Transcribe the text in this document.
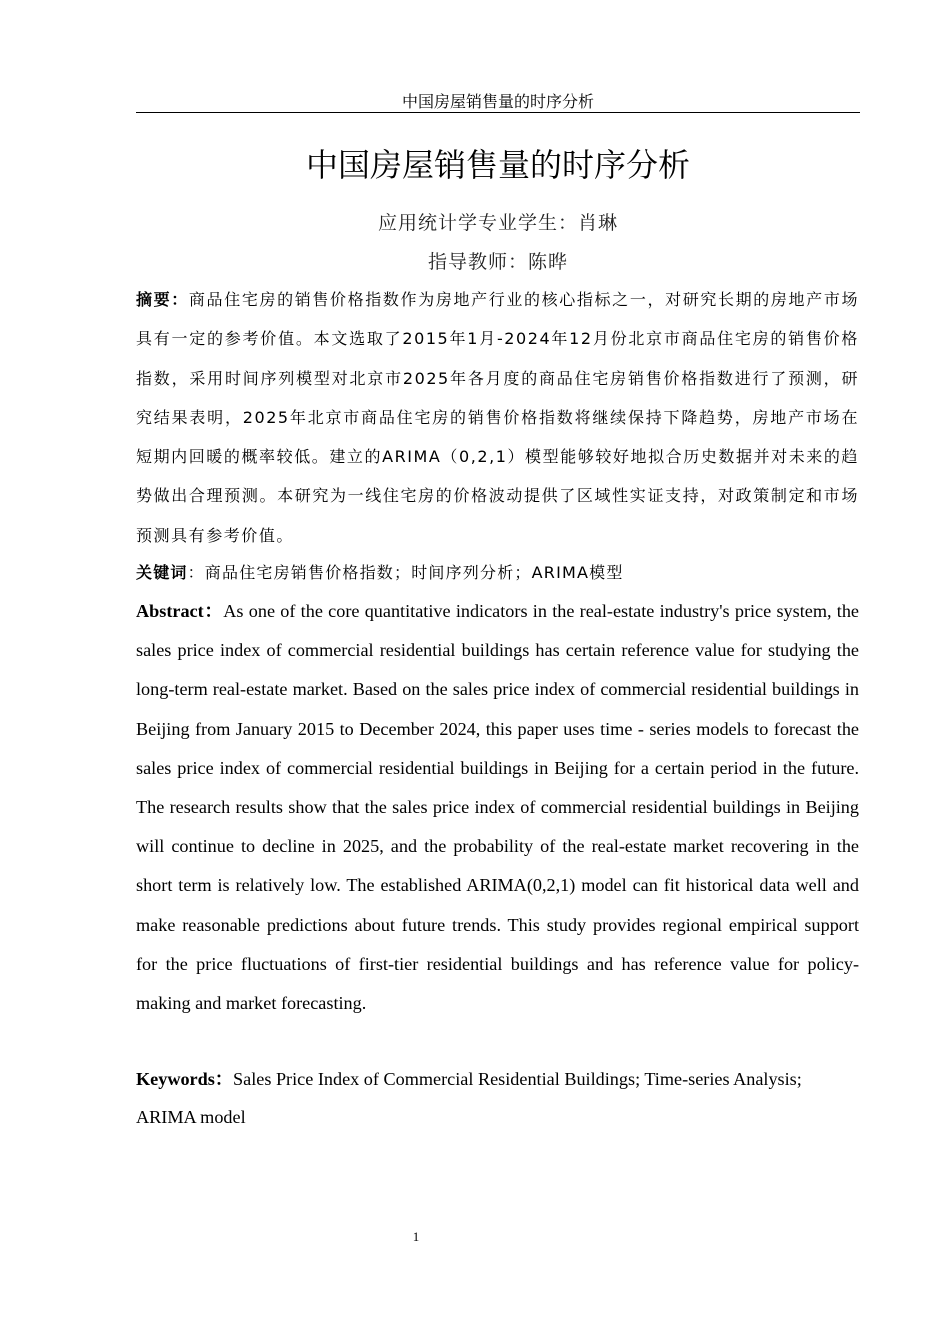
中国房屋销售量的时序分析
中国房屋销售量的时序分析
应用统计学专业学生：肖琳
指导教师：陈晔
摘要：商品住宅房的销售价格指数作为房地产行业的核心指标之一，对研究长期的房地产市场具有一定的参考价值。本文选取了2015年1月-2024年12月份北京市商品住宅房的销售价格指数，采用时间序列模型对北京市2025年各月度的商品住宅房销售价格指数进行了预测，研究结果表明，2025年北京市商品住宅房的销售价格指数将继续保持下降趋势，房地产市场在短期内回暖的概率较低。建立的ARIMA（0,2,1）模型能够较好地拟合历史数据并对未来的趋势做出合理预测。本研究为一线住宅房的价格波动提供了区域性实证支持，对政策制定和市场预测具有参考价值。
关键词：商品住宅房销售价格指数；时间序列分析；ARIMA模型
Abstract：As one of the core quantitative indicators in the real-estate industry's price system, the sales price index of commercial residential buildings has certain reference value for studying the long-term real-estate market. Based on the sales price index of commercial residential buildings in Beijing from January 2015 to December 2024, this paper uses time - series models to forecast the sales price index of commercial residential buildings in Beijing for a certain period in the future. The research results show that the sales price index of commercial residential buildings in Beijing will continue to decline in 2025, and the probability of the real-estate market recovering in the short term is relatively low. The established ARIMA(0,2,1) model can fit historical data well and make reasonable predictions about future trends. This study provides regional empirical support for the price fluctuations of first-tier residential buildings and has reference value for policy-making and market forecasting.
Keywords：Sales Price Index of Commercial Residential Buildings; Time-series Analysis; ARIMA model
1
